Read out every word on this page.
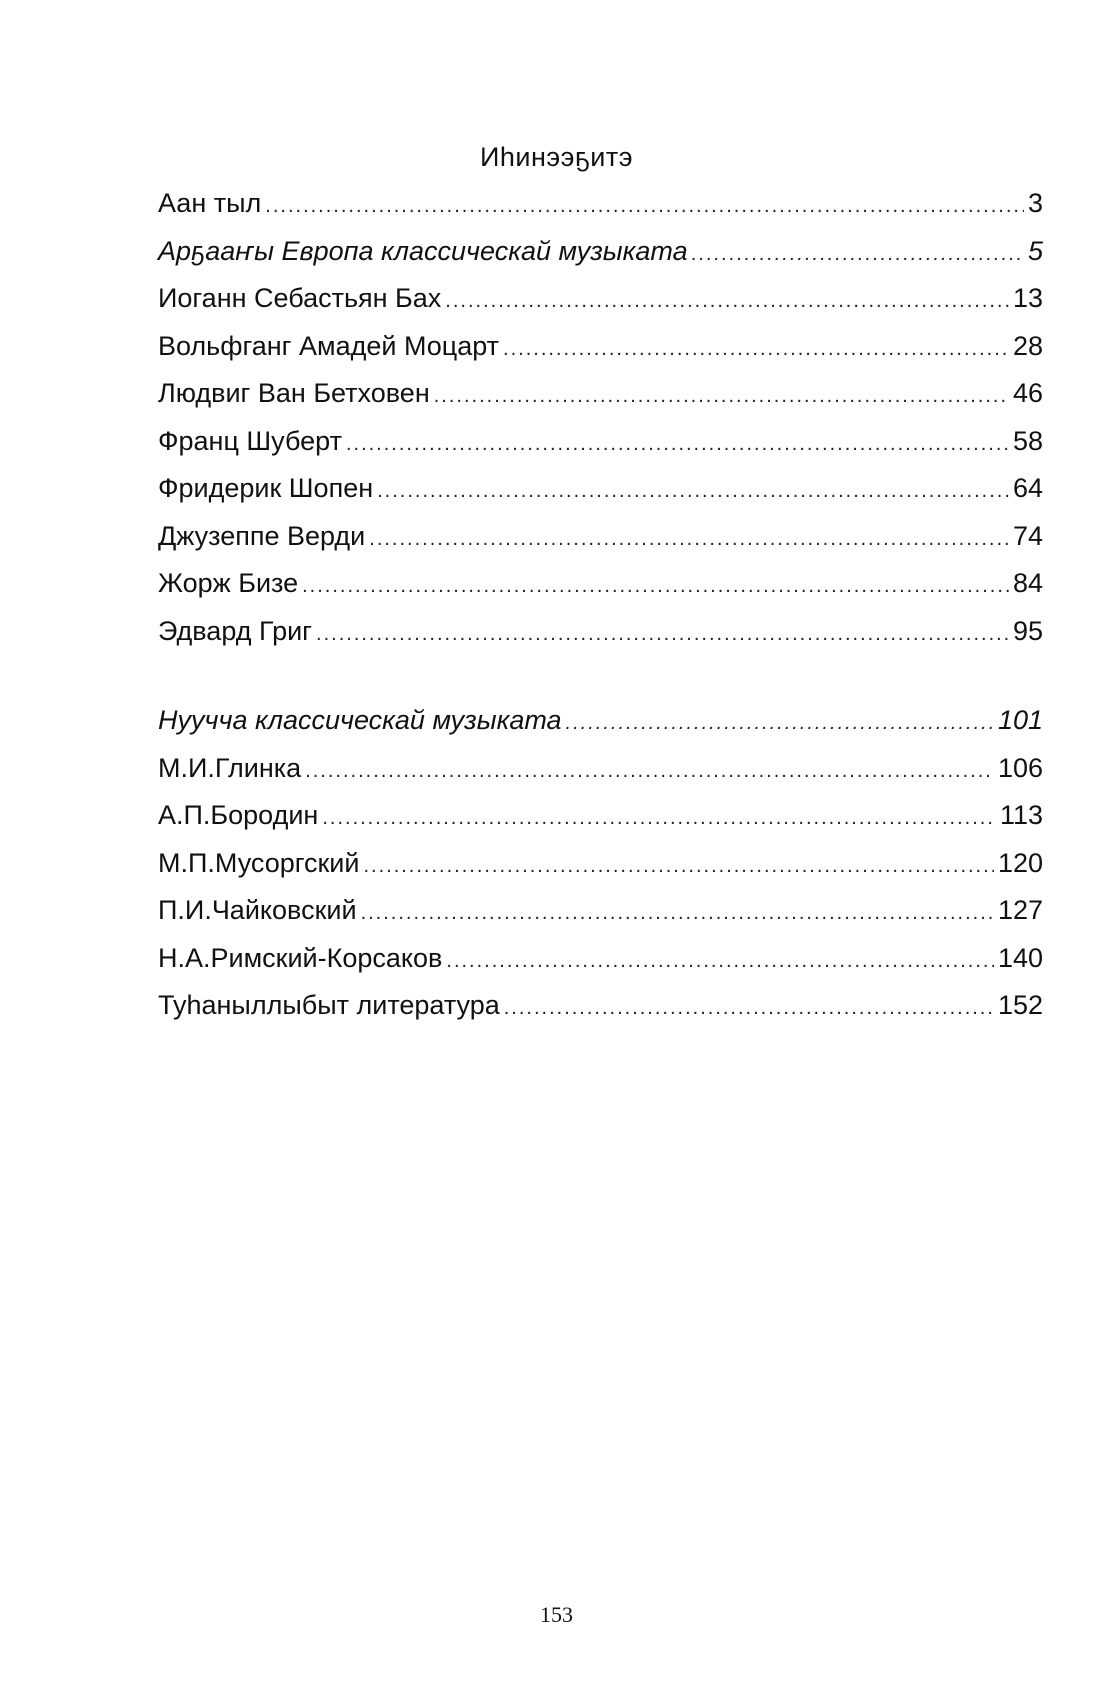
Иһинээҕитэ
Аан тыл .....	3
Арҕааҥы Европа классическай музыката .....	5
Иоганн Себастьян Бах .....	13
Вольфганг Амадей Моцарт .....	28
Людвиг Ван Бетховен .....	46
Франц Шуберт .....	58
Фридерик Шопен .....	64
Джузеппе Верди .....	74
Жорж Бизе .....	84
Эдвард Григ .....	95
Нуучча классическай музыката .....	101
М.И.Глинка .....	106
А.П.Бородин .....	113
М.П.Мусоргский .....	120
П.И.Чайковский .....	127
Н.А.Римский-Корсаков .....	140
Туһаныллыбыт литература .....	152
153
